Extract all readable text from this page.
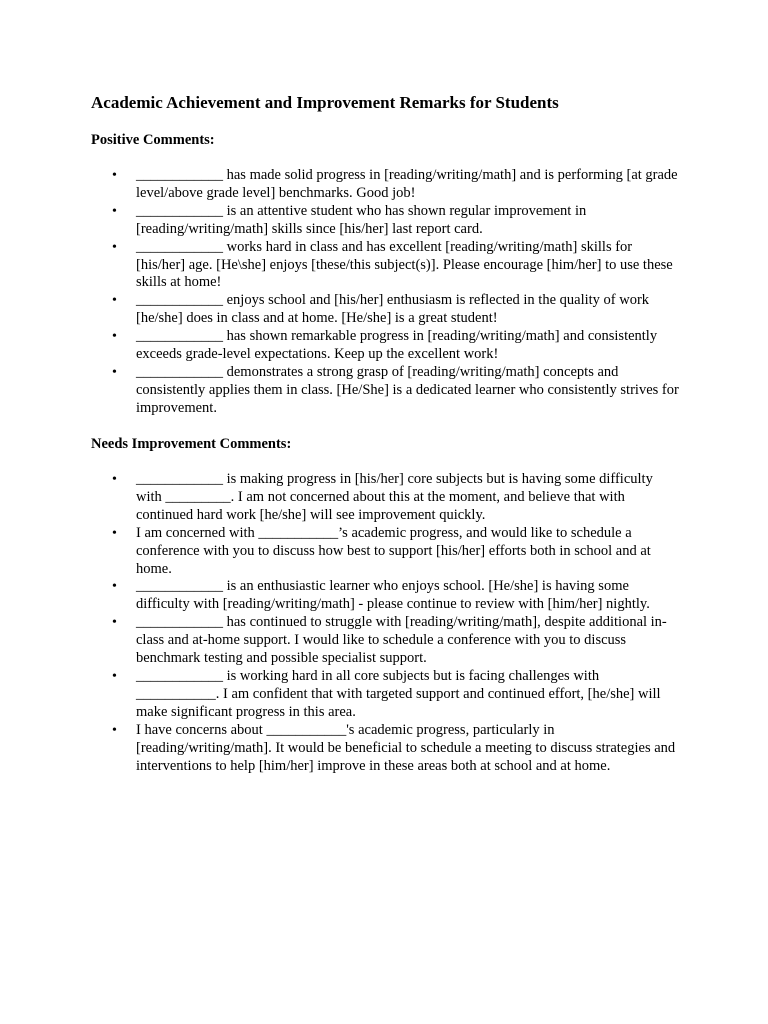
Academic Achievement and Improvement Remarks for Students
Positive Comments:
•	____________ has made solid progress in [reading/writing/math] and is performing [at grade level/above grade level] benchmarks. Good job!
•	____________ is an attentive student who has shown regular improvement in [reading/writing/math] skills since [his/her] last report card.
•	____________ works hard in class and has excellent [reading/writing/math] skills for [his/her] age. [He\she] enjoys [these/this subject(s)]. Please encourage [him/her] to use these skills at home!
•	____________ enjoys school and [his/her] enthusiasm is reflected in the quality of work [he/she] does in class and at home. [He/she] is a great student!
•	____________ has shown remarkable progress in [reading/writing/math] and consistently exceeds grade-level expectations. Keep up the excellent work!
•	____________ demonstrates a strong grasp of [reading/writing/math] concepts and consistently applies them in class. [He/She] is a dedicated learner who consistently strives for improvement.
Needs Improvement Comments:
•	____________ is making progress in [his/her] core subjects but is having some difficulty with _________. I am not concerned about this at the moment, and believe that with continued hard work [he/she] will see improvement quickly.
•	I am concerned with ___________’s academic progress, and would like to schedule a conference with you to discuss how best to support [his/her] efforts both in school and at home.
•	____________ is an enthusiastic learner who enjoys school. [He/she] is having some difficulty with [reading/writing/math] - please continue to review with [him/her] nightly.
•	____________ has continued to struggle with [reading/writing/math], despite additional in-class and at-home support. I would like to schedule a conference with you to discuss benchmark testing and possible specialist support.
•	____________ is working hard in all core subjects but is facing challenges with ___________. I am confident that with targeted support and continued effort, [he/she] will make significant progress in this area.
•	I have concerns about ___________'s academic progress, particularly in [reading/writing/math]. It would be beneficial to schedule a meeting to discuss strategies and interventions to help [him/her] improve in these areas both at school and at home.
